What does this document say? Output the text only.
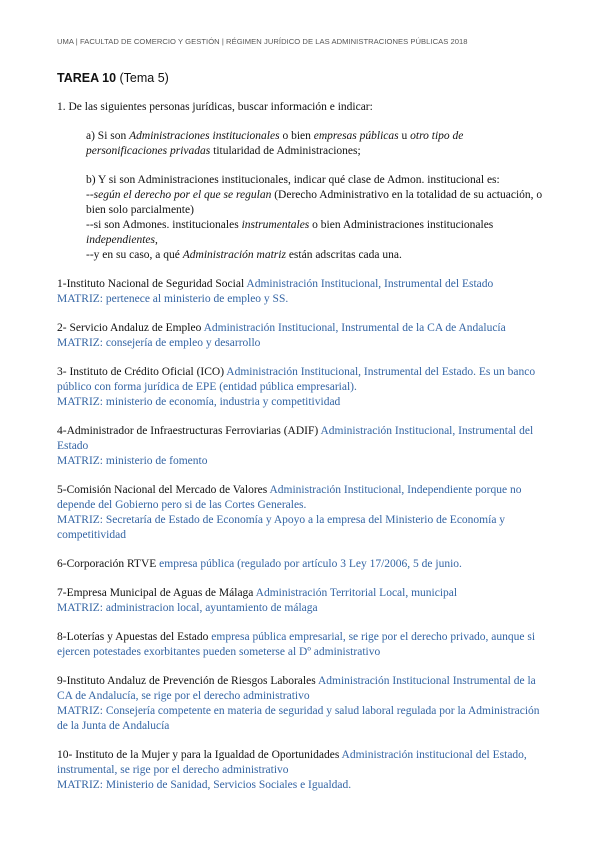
UMA | FACULTAD DE COMERCIO Y GESTIÓN | RÉGIMEN JURÍDICO DE LAS ADMINISTRACIONES PÚBLICAS 2018
TAREA 10 (Tema 5)

1. De las siguientes personas jurídicas, buscar información e indicar:

a) Si son Administraciones institucionales o bien empresas públicas u otro tipo de personificaciones privadas titularidad de Administraciones;

b) Y si son Administraciones institucionales, indicar qué clase de Admon. institucional es:

--según el derecho por el que se regulan (Derecho Administrativo en la totalidad de su actuación, o bien solo parcialmente)

--si son Admones. institucionales instrumentales o bien Administraciones institucionales independientes,

--y en su caso, a qué Administración matriz están adscritas cada una.

1-Instituto Nacional de Seguridad Social Administración Institucional, Instrumental del Estado

MATRIZ: pertenece al ministerio de empleo y SS.

2- Servicio Andaluz de Empleo Administración Institucional, Instrumental de la CA de Andalucía

MATRIZ: consejería de empleo y desarrollo

3- Instituto de Crédito Oficial (ICO) Administración Institucional, Instrumental del Estado. Es un banco público con forma jurídica de EPE (entidad pública empresarial).

MATRIZ: ministerio de economía, industria y competitividad

4-Administrador de Infraestructuras Ferroviarias (ADIF) Administración Institucional, Instrumental del Estado

MATRIZ: ministerio de fomento

5-Comisión Nacional del Mercado de Valores Administración Institucional, Independiente porque no depende del Gobierno pero si de las Cortes Generales.

MATRIZ: Secretaría de Estado de Economía y Apoyo a la empresa del Ministerio de Economía y competitividad

6-Corporación RTVE empresa pública (regulado por artículo 3 Ley 17/2006, 5 de junio.

7-Empresa Municipal de Aguas de Málaga Administración Territorial Local, municipal

MATRIZ: administracion local, ayuntamiento de málaga

8-Loterías y Apuestas del Estado empresa pública empresarial, se rige por el derecho privado, aunque si ejercen potestades exorbitantes pueden someterse al Dº administrativo

9-Instituto Andaluz de Prevención de Riesgos Laborales Administración Institucional Instrumental de la CA de Andalucía, se rige por el derecho administrativo

MATRIZ: Consejería competente en materia de seguridad y salud laboral regulada por la Administración de la Junta de Andalucía

10- Instituto de la Mujer y para la Igualdad de Oportunidades Administración institucional del Estado, instrumental, se rige por el derecho administrativo

MATRIZ: Ministerio de Sanidad, Servicios Sociales e Igualdad.
